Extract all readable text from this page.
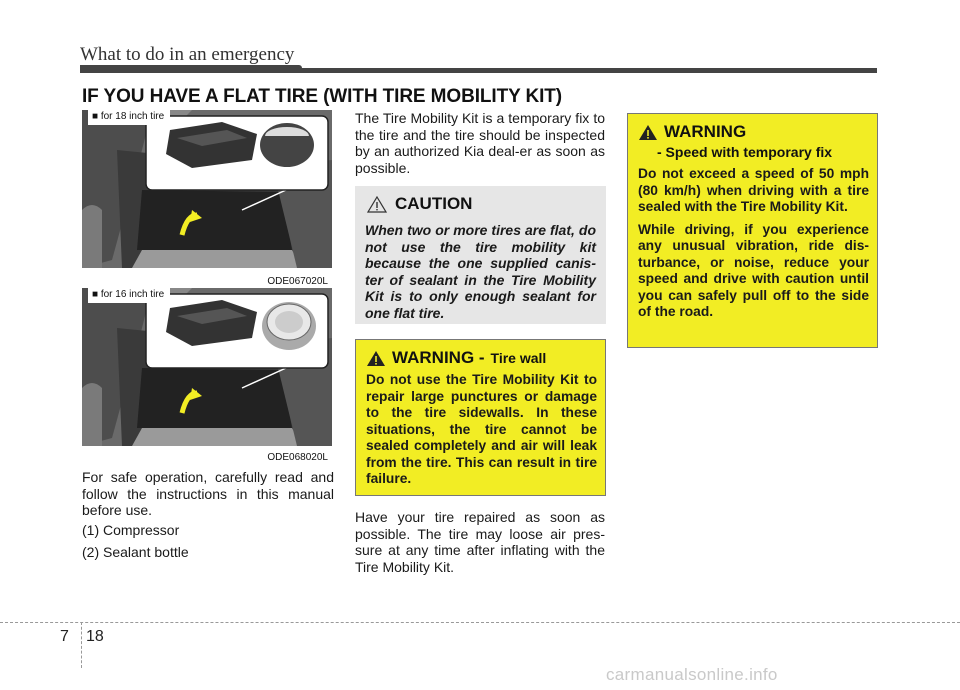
What to do in an emergency
IF YOU HAVE A FLAT TIRE (WITH TIRE MOBILITY KIT)
■ for 18 inch tire
ODE067020L
■ for 16 inch tire
ODE068020L
For safe operation, carefully read and follow the instructions in this manual before use.
(1) Compressor
(2) Sealant bottle
The Tire Mobility Kit is a temporary fix to the tire and the tire should be inspected by an authorized Kia deal-er as soon as possible.
CAUTION
When two or more tires are flat, do not use the tire mobility kit because the one supplied canis-ter of sealant in the Tire Mobility Kit is to only enough sealant for one flat tire.
WARNING - Tire wall
Do not use the Tire Mobility Kit to repair large punctures or damage to the tire sidewalls. In these situations, the tire cannot be sealed completely and air will leak from the tire. This can result in tire failure.
Have your tire repaired as soon as possible. The tire may loose air pres-sure at any time after inflating with the Tire Mobility Kit.
WARNING
- Speed with temporary fix

Do not exceed a speed of 50 mph (80 km/h) when driving with a tire sealed with the Tire Mobility Kit.

While driving, if you experience any unusual vibration, ride dis-turbance, or noise, reduce your speed and drive with caution until you can safely pull off to the side of the road.

7 18
carmanualsonline.info
